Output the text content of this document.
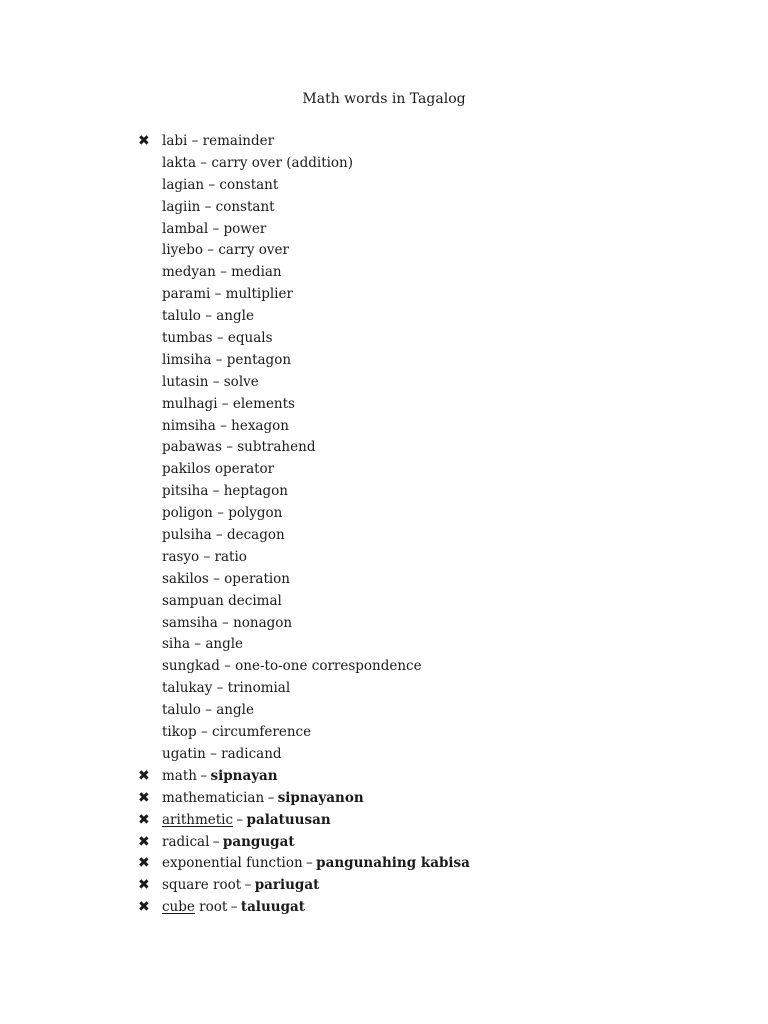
Math words in Tagalog
✖ labi – remainder
lakta – carry over (addition)
lagian – constant
lagiin – constant
lambal – power
liyebo – carry over
medyan – median
parami – multiplier
talulo – angle
tumbas – equals
limsiha – pentagon
lutasin – solve
mulhagi – elements
nimsiha – hexagon
pabawas – subtrahend
pakilos operator
pitsiha – heptagon
poligon – polygon
pulsiha – decagon
rasyo – ratio
sakilos – operation
sampuan decimal
samsiha – nonagon
siha – angle
sungkad – one-to-one correspondence
talukay – trinomial
talulo – angle
tikop – circumference
ugatin – radicand
✖ math – sipnayan
✖ mathematician – sipnayanon
✖ arithmetic – palatuusan
✖ radical – pangugat
✖ exponential function – pangunahing kabisa
✖ square root – pariugat
✖ cube root – taluugat
